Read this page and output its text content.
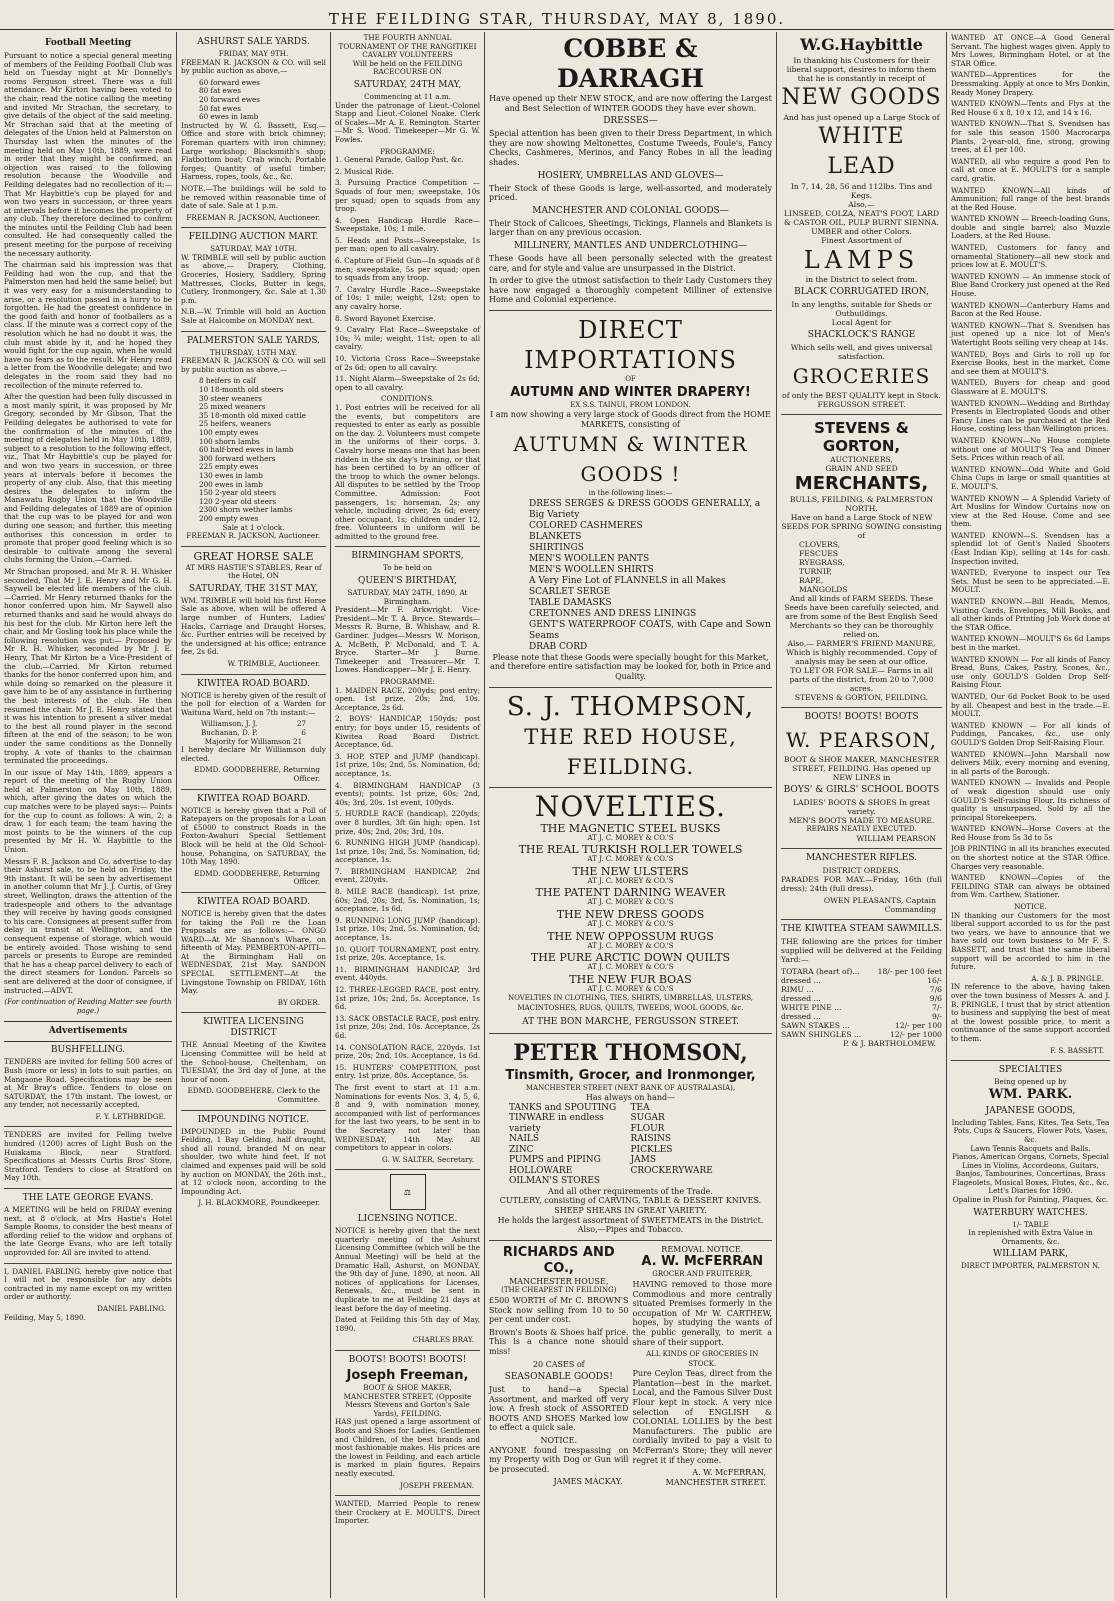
THE FEILDING STAR, THURSDAY, MAY 8, 1890.
Football Meeting
Pursuant to notice a special general meeting of members of the Feilding Football Club was held on Tuesday night at Mr Donnelly's rooms Ferguson street. There was a full attendance. Mr Kirton having been voted to the chair, read the notice calling the meeting and invited Mr Strachan, the secretary, to give details of the object of the said meeting. Mr Strachan said that at the meeting of delegates of the Union held at Palmerston on Thursday last when the minutes of the meeting held on May 10th, 1889, were read in order that they might be confirmed, an objection was raised to the following resolution because the Woodville and Feilding delegates had no recollection of it:— That Mr Haybittle's cup be played for and won two years in succession, or three years at intervals before it becomes the property of any club. They therefore declined to confirm the minutes until the Feilding Club had been consulted. He had consequently called the present meeting for the purpose of receiving the necessary authority.
The chairman said his impression was that Feilding had won the cup, and that the Palmerston men had held the same belief; but it was very easy for a misunderstanding to arise, or a resolution passed in a hurry to be forgotten. He had the greatest confidence in the good faith and honor of footballers as a class. If the minute was a correct copy of the resolution which he had no doubt it was, the club must abide by it, and he hoped they would fight for the cup again, when he would have no fears as to the result. Mr Henry read a letter from the Woodville delegate; and two delegates in the room said they had no recollection of the minute referred to.
After the question had been fully discussed in a most manly spirit, it was proposed by Mr Gregory, seconded by Mr Gibson, That the Feilding delegates be authorised to vote for the confirmation of the minutes of the meeting of delegates held in May 10th, 1889, subject to a resolution to the following effect, viz., That Mr Haybittle's cup be played for and won two years in succession, or three years at intervals before it becomes the property of any club. Also, that this meeting desires the delegates to inform the Manawatu Rugby Union that the Woodville and Feilding delegates of 1889 are of opinion that the cup was to be played for and won during one season; and further, this meeting authorises this concession in order to promote that proper good feeling which is so desirable to cultivate among the several clubs forming the Union.—Carried.
Mr Strachan proposed, and Mr R. H. Whisker seconded, That Mr J. E. Henry and Mr G. H. Saywell be elected life members of the club.—Carried. Mr Henry returned thanks for the honor conferred upon him. Mr Saywell also returned thanks and said he would always do his best for the club. Mr Kirton here left the chair, and Mr Gosling took his place while the following resolution was put:— Proposed by Mr R. H. Whisker, seconded by Mr J. E. Henry, That Mr Kirton be a Vice-President of the club.—Carried. Mr Kirton returned thanks for the honor conferred upon him, and while doing so remarked on the pleasure it gave him to be of any assistance in furthering the best interests of the club. He then resumed the chair. Mr J. E. Henry stated that it was his intention to present a silver medal to the best all round player in the second fifteen at the end of the season; to be won under the same conditions as the Donnelly trophy. A vote of thanks to the chairman terminated the proceedings.
In our issue of May 14th, 1889, appears a report of the meeting of the Rugby Union held at Palmerston on May 10th, 1889, which, after giving the dates on which the cup matches were to be played says:— Points for the cup to count as follows: A win, 2; a draw, 1 for each team; the team having the most points to be the winners of the cup presented by Mr H. W. Haybittle to the Union.
Messrs F. R. Jackson and Co. advertise to-day their Ashurst sale, to be held on Friday, the 9th instant. It will be seen by advertisement in another column that Mr J. J. Curtis, of Grey street, Wellington, draws the attention of the tradespeople and others to the advantage they will receive by having goods consigned to his care. Consignees at present suffer from delay in transit at Wellington, and the consequent expense of storage, which would be entirely avoided. Those wishing to send parcels or presents to Europe are reminded that he has a cheap parcel delivery to each of the direct steamers for London. Parcels so sent are delivered at the door of consignee, if instructed.—ADVT.
(For continuation of Reading Matter see fourth page.)
Advertisements
BUSHFELLING.
TENDERS are invited for felling 500 acres of Bush (more or less) in lots to suit parties, on Mangaone Road. Specifications may be seen at Mr Bray's office. Tenders to close on SATURDAY, the 17th instant. The lowest, or any tender, not necessarily accepted.
F. Y. LETHBRIDGE.
TENDERS are invited for Felling twelve hundred (1200) acres of Light Bush on the Huiakama Block, near Stratford. Specifications at Messrs Curtis Bros' Store, Stratford. Tenders to close at Stratford on May 10th.
THE LATE GEORGE EVANS.
A MEETING will be held on FRIDAY evening next, at 8 o'clock, at Mrs Hastie's Hotel Sample Rooms, to consider the best means of affording relief to the widow and orphans of the late George Evans, who are left totally unprovided for. All are invited to attend.
I, DANIEL FABLING, hereby give notice that I will not be responsible for any debts contracted in my name except on my written order or authority.
DANIEL FABLING.
Feilding, May 5, 1890.
ASHURST SALE YARDS.
FRIDAY, MAY 9TH.
FREEMAN R. JACKSON & CO. will sell by public auction as above,—
60 forward ewes
80 fat ewes
20 forward ewes
50 fat ewes
60 ewes in lamb
Instructed by W. G. Bassett, Esq.— Office and store with brick chimney; Foreman quarters with iron chimney; Large workshop; Blacksmith's shop; Flatbottom boat; Crab winch; Portable forges; Quantity of useful timber; Harness, ropes, tools, &c., &c.
NOTE.—The buildings will be sold to be removed within reasonable time of date of sale. Sale at 1 p.m.
FREEMAN R. JACKSON, Auctioneer.
FEILDING AUCTION MART.
SATURDAY, MAY 10TH.
W. TRIMBLE will sell by public auction as above,— Drapery, Clothing, Groceries, Hosiery, Saddlery, Spring Mattresses, Clocks, Butter in kegs, Cutlery, Ironmongery, &c. Sale at 1.30 p.m.
N.B.—W. Trimble will hold an Auction Sale at Halcombe on MONDAY next.
PALMERSTON SALE YARDS.
THURSDAY, 15TH MAY.
FREEMAN R. JACKSON & CO. will sell by public auction as above,—
8 heifers in calf
10 18-month old steers
30 steer weaners
25 mixed weaners
35 18-month old mixed cattle
25 heifers, weaners
100 empty ewes
100 shorn lambs
60 half-bred ewes in lamb
300 forward wethers
225 empty ewes
130 ewes in lamb
200 ewes in lamb
150 2-year old steers
120 2-year old steers
2300 shorn wether lambs
200 empty ewes
Sale at 1 o'clock.
FREEMAN R. JACKSON, Auctioneer.
GREAT HORSE SALE
AT MRS HASTIE'S STABLES, Rear of the Hotel, ON
SATURDAY, THE 31ST MAY,
WM. TRIMBLE will hold his first Horse Sale as above, when will be offered A large number of Hunters, Ladies' Hacks, Carriage and Draught Horses, &c. Further entries will be received by the undersigned at his office; entrance fee, 2s 6d.
W. TRIMBLE, Auctioneer.
KIWITEA ROAD BOARD.
NOTICE is hereby given of the result of the poll for election of a Warden for Waituna Ward, held on 7th instant:—
Williamson, J. J.	27
Buchanan, D. P.	6
Majority for Williamson 21
I hereby declare Mr Williamson duly elected.
EDMD. GOODBEHERE, Returning Officer.
KIWITEA ROAD BOARD.
NOTICE is hereby given that a Poll of Ratepayers on the proposals for a Loan of £5000 to construct Roads in the Foxton-Awahuri Special Settlement Block will be held at the Old School-house, Pohangina, on SATURDAY, the 10th May, 1890.
EDMD. GOODBEHERE, Returning Officer.
KIWITEA ROAD BOARD.
NOTICE is hereby given that the dates for taking the Poll re the Loan Proposals are as follows:— ONGO WARD—At Mr Shannon's Whare, on fifteenth of May. PEMBERTON-APITI—At the Birmingham Hall on WEDNESDAY, 21st May. SANDON SPECIAL SETTLEMENT—At the Livingstone Township on FRIDAY, 16th May.
BY ORDER.
KIWITEA LICENSING DISTRICT
THE Annual Meeting of the Kiwitea Licensing Committee will be held at the School-house, Cheltenham, on TUESDAY, the 3rd day of June, at the hour of noon.
EDMD. GOODBEHERE, Clerk to the Committee.
IMPOUNDING NOTICE.
IMPOUNDED in the Public Pound Feilding, 1 Bay Gelding, half draught, shod all round, branded M on near shoulder, two white hind feet. If not claimed and expenses paid will be sold by auction on MONDAY, the 26th inst., at 12 o'clock noon, according to the Impounding Act.
J. H. BLACKMORE, Poundkeeper.
THE FOURTH ANNUAL TOURNAMENT OF THE RANGITIKEI CAVALRY VOLUNTEERS
Will be held on the FEILDING RACECOURSE ON
SATURDAY, 24TH MAY,
Commencing at 11 a.m.
Under the patronage of Lieut.-Colonel Stapp and Lieut.-Colonel Noake. Clerk of Scales—Mr A. E. Remington. Starter—Mr S. Wood. Timekeeper—Mr G. W. Fowles.
PROGRAMME:
1. General Parade, Gallop Past, &c.
2. Musical Ride.
3. Pursuing Practice Competition — Squads of four men; sweepstake, 10s per squad; open to squads from any troop.
4. Open Handicap Hurdle Race—Sweepstake, 10s; 1 mile.
5. Heads and Posts—Sweepstake, 1s per man; open to all cavalry.
6. Capture of Field Gun—In squads of 8 men; sweepstake, 5s per squad; open to squads from any troop.
7. Cavalry Hurdle Race—Sweepstake of 10s; 1 mile; weight, 12st; open to any cavalry horse.
8. Sword Bayonet Exercise.
9. Cavalry Flat Race—Sweepstake of 10s; ¾ mile; weight, 11st; open to all cavalry.
10. Victoria Cross Race—Sweepstake of 2s 6d; open to all cavalry.
11. Night Alarm—Sweepstake of 2s 6d; open to all cavalry.
CONDITIONS.
1. Post entries will be received for all the events, but competitors are requested to enter as early as possible on the day. 2. Volunteers must compete in the uniforms of their corps. 3. Cavalry horse means one that has been ridden in the six day's training, or that has been certified to by an officer of the troop to which the owner belongs. All disputes to be settled by the Troop Committee. Admission: Foot passengers, 1s; horseman, 2s; any vehicle, including driver, 2s 6d; every other occupant, 1s; children under 12, free. Volunteers in uniform will be admitted to the ground free.
BIRMINGHAM SPORTS,
To be held on
QUEEN'S BIRTHDAY,
SATURDAY, MAY 24TH, 1890, At Birmingham.
President—Mr F. Arkwright. Vice-President—Mr T. A. Bryce. Stewards—Messrs R. Burne, B. Whishaw, and R. Gardiner. Judges—Messrs W. Morison, A. McBeth, P. McDonald, and T. A. Bryce. Starter—Mr J. Burne. Timekeeper and Treasurer—Mr T. Lowes. Handicapper—Mr J. E. Henry.
PROGRAMME:
1. MAIDEN RACE, 200yds; post entry; open. 1st prize, 20s; 2nd, 10s. Acceptance, 2s 6d.
2. BOYS' HANDICAP, 150yds; post entry; for boys under 15, residents of Kiwitea Road Board District. Acceptance, 6d.
3. HOP, STEP and JUMP (handicap). 1st prize, 10s; 2nd, 5s. Nomination, 6d; acceptance, 1s.
4. BIRMINGHAM HANDICAP (3 events); points. 1st prize, 60s; 2nd, 40s; 3rd, 20s. 1st event, 100yds.
5. HURDLE RACE (handicap), 220yds; over 8 hurdles, 3ft 6in high; open. 1st prize, 40s; 2nd, 20s; 3rd, 10s.
6. RUNNING HIGH JUMP (handicap). 1st prize, 10s; 2nd, 5s. Nomination, 6d; acceptance, 1s.
7. BIRMINGHAM HANDICAP, 2nd event, 220yds.
8. MILE RACE (handicap). 1st prize, 60s; 2nd, 20s; 3rd, 5s. Nomination, 1s; acceptance, 1s 6d.
9. RUNNING LONG JUMP (handicap). 1st prize, 10s; 2nd, 5s. Nomination, 6d; acceptance, 1s.
10. QUOIT TOURNAMENT, post entry. 1st prize, 20s. Acceptance, 1s.
11. BIRMINGHAM HANDICAP, 3rd event, 440yds.
12. THREE-LEGGED RACE, post entry. 1st prize, 10s; 2nd, 5s. Acceptance, 1s 6d.
13. SACK OBSTACLE RACE, post entry. 1st prize, 20s; 2nd, 10s. Acceptance, 2s 6d.
14. CONSOLATION RACE, 220yds. 1st prize, 20s; 2nd, 10s. Acceptance, 1s 6d.
15. HUNTERS' COMPETITION, post entry. 1st prize, 80s. Acceptance, 5s.
The first event to start at 11 a.m. Nominations for events Nos. 3, 4, 5, 6, 8 and 9, with nomination money, accompanied with list of performances for the last two years, to be sent in to the Secretary not later than WEDNESDAY, 14th May. All competitors to appear in colors.
G. W. SALTER, Secretary.
⚖
LICENSING NOTICE.
NOTICE is hereby given that the next quarterly meeting of the Ashurst Licensing Committee (which will be the Annual Meeting) will be held at the Dramatic Hall, Ashurst, on MONDAY, the 9th day of June, 1890, at noon. All notices of applications for Licenses, Renewals, &c., must be sent in duplicate to me at Feilding 21 days at least before the day of meeting.
Dated at Feilding this 5th day of May, 1890.
CHARLES BRAY.
BOOTS! BOOTS! BOOTS!
Joseph Freeman,
BOOT & SHOE MAKER, MANCHESTER STREET, (Opposite Messrs Stevens and Gorton's Sale Yards), FEILDING.
HAS just opened a large assortment of Boots and Shoes for Ladies, Gentlemen and Children, of the best brands and most fashionable makes. His prices are the lowest in Feilding, and each article is marked in plain figures. Repairs neatly executed.
JOSEPH FREEMAN.
WANTED, Married People to renew their Crockery at E. MOULT'S, Direct Importer.
COBBE & DARRAGH
Have opened up their NEW STOCK, and are now offering the Largest and Best Selection of WINTER GOODS they have ever shown.
DRESSES—
Special attention has been given to their Dress Department, in which they are now showing Meltonettes, Costume Tweeds, Foule's, Fancy Checks, Cashmeres, Merinos, and Fancy Robes in all the leading shades.
HOSIERY, UMBRELLAS AND GLOVES—
Their Stock of these Goods is large, well-assorted, and moderately priced.
MANCHESTER AND COLONIAL GOODS—
Their Stock of Calicoes, Sheetings, Tickings, Flannels and Blankets is larger than on any previous occasion.
MILLINERY, MANTLES AND UNDERCLOTHING—
These Goods have all been personally selected with the greatest care, and for style and value are unsurpassed in the District.
In order to give the utmost satisfaction to their Lady Customers they have now engaged a thoroughly competent Milliner of extensive Home and Colonial experience.
DIRECT IMPORTATIONS
OF
AUTUMN AND WINTER DRAPERY!
EX S.S. TAINUI, FROM LONDON.
I am now showing a very large stock of Goods direct from the HOME MARKETS, consisting of
AUTUMN & WINTER GOODS !
in the following lines:—
DRESS SERGES & DRESS GOODS GENERALLY, a Big Variety
COLORED CASHMERES
BLANKETS
SHIRTINGS
MEN'S WOOLLEN PANTS
MEN'S WOOLLEN SHIRTS
A Very Fine Lot of FLANNELS in all Makes
SCARLET SERGE
TABLE DAMASKS
CRETONNES AND DRESS LININGS
GENT'S WATERPROOF COATS, with Cape and Sown Seams
DRAB CORD
Please note that these Goods were specially bought for this Market, and therefore entire satisfaction may be looked for, both in Price and Quality.
S. J. THOMPSON,
THE RED HOUSE, FEILDING.
NOVELTIES.
THE MAGNETIC STEEL BUSKS
AT J. C. MOREY & CO.'S
THE REAL TURKISH ROLLER TOWELS
AT J. C. MOREY & CO.'S
THE NEW ULSTERS
AT J. C. MOREY & CO.'S
THE PATENT DARNING WEAVER
AT J. C. MOREY & CO.'S
THE NEW DRESS GOODS
AT J. C. MOREY & CO.'S
THE NEW OPPOSSUM RUGS
AT J. C. MOREY & CO.'S
THE PURE ARCTIC DOWN QUILTS
AT J. C. MOREY & CO.'S
THE NEW FUR BOAS
AT J. C. MOREY & CO.'S
NOVELTIES IN CLOTHING, TIES, SHIRTS, UMBRELLAS, ULSTERS, MACINTOSHES, RUGS, QUILTS, TWEEDS, WOOL GOODS, &c.
AT THE BON MARCHE, FERGUSSON STREET.
PETER THOMSON,
Tinsmith, Grocer, and Ironmonger,
MANCHESTER STREET (NEXT BANK OF AUSTRALASIA),
Has always on hand—
TANKS and SPOUTING
TINWARE in endless variety
NAILS
ZINC
PUMPS and PIPING
HOLLOWARE
OILMAN'S STORES
TEA
SUGAR
FLOUR
RAISINS
PICKLES
JAMS
CROCKERYWARE
And all other requirements of the Trade.
CUTLERY, consisting of CARVING, TABLE & DESSERT KNIVES.
SHEEP SHEARS IN GREAT VARIETY.
He holds the largest assortment of SWEETMEATS in the District.
Also,—Pipes and Tobacco.
RICHARDS AND CO.,
MANCHESTER HOUSE,
(THE CHEAPEST IN FEILDING)
£500 WORTH of Mr C. BROWN'S Stock now selling from 10 to 50 per cent under cost.
Brown's Boots & Shoes half price. This is a chance none should miss!
20 CASES of
SEASONABLE GOODS!
Just to hand—a Special Assortment, and marked off very low. A fresh stock of ASSORTED BOOTS AND SHOES Marked low to effect a quick sale.
NOTICE.
ANYONE found trespassing on my Property with Dog or Gun will be prosecuted.
JAMES MACKAY.
REMOVAL NOTICE.
A. W. McFERRAN
GROCER AND FRUITERER,
HAVING removed to those more Commodious and more centrally situated Premises formerly in the occupation of Mr W. CARTHEW, hopes, by studying the wants of the public generally, to merit a share of their support.
ALL KINDS OF GROCERIES IN STOCK.
Pure Ceylon Teas, direct from the Plantation—best in the market. Local, and the Famous Silver Dust Flour kept in stock. A very nice selection of ENGLISH & COLONIAL LOLLIES by the best Manufacturers. The public are cordially invited to pay a visit to McFerran's Store; they will never regret it if they come.
A. W. McFERRAN, MANCHESTER STREET.
W.G.Haybittle
In thanking his Customers for their liberal support, desires to inform them that he is constantly in receipt of
NEW GOODS
And has just opened up a Large Stock of
WHITE LEAD
In 7, 14, 28, 56 and 112lbs. Tins and Kegs.
Also,—
LINSEED, COLZA, NEAT'S FOOT, LARD & CASTOR OIL, PULP BURNT SIENNA. UMBER and other Colors.
Finest Assortment of
LAMPS
in the District to select from.
BLACK CORRUGATED IRON,
In any lengths, suitable for Sheds or Outbuildings.
Local Agent for
SHACKLOCK'S RANGE
Which sells well, and gives universal satisfaction.
GROCERIES
of only the BEST QUALITY kept in Stock.
FERGUSSON STREET.
STEVENS & GORTON,
AUCTIONEERS,
GRAIN AND SEED
MERCHANTS,
BULLS, FEILDING, & PALMERSTON NORTH.
Have on hand a Large Stock of NEW SEEDS FOR SPRING SOWING consisting of
CLOVERS,
FESCUES
RYEGRASS,
TURNIP,
RAPE,
MANGOLDS
And all kinds of FARM SEEDS. These Seeds have been carefully selected, and are from some of the Best English Seed Merchants so they can be thoroughly relied on.
Also,— FARMER'S FRIEND MANURE, Which is highly recommended. Copy of analysis may be seen at our office.
TO LET OR FOR SALE— Farms in all parts of the district, from 20 to 7,000 acres.
STEVENS & GORTON, FEILDING.
BOOTS! BOOTS! BOOTS
W. PEARSON,
BOOT & SHOE MAKER, MANCHESTER STREET, FEILDING. Has opened up NEW LINES in
BOYS' & GIRLS' SCHOOL BOOTS
LADIES' BOOTS & SHOES In great variety.
MEN'S BOOTS MADE TO MEASURE.
REPAIRS NEATLY EXECUTED.
WILLIAM PEARSON
MANCHESTER RIFLES.
DISTRICT ORDERS.
PARADES FOR MAY.—Friday, 16th (full dress); 24th (full dress).
OWEN PLEASANTS, Captain Commanding
THE KIWITEA STEAM SAWMILLS.
THE following are the prices for timber supplied will be delivered at the Feilding Yard:—
TOTARA (heart of)... 18/- per 100 feet
dressed ...	16/-
RIMU ...	7/6
dressed ...	9/6
WHITE PINE ...	7/-
dressed ...	9/-
SAWN STAKES ...	12/- per 100
SAWN SHINGLES ...	12/- per 1000
P. & J. BARTHOLOMEW.
WANTED AT ONCE—A Good General Servant. The highest wages given. Apply to Mrs Lowes, Birmingham Hotel, or at the STAR Office.
WANTED—Apprentices for the Dressmaking. Apply at once to Mrs Donkin, Ready Money Drapery.
WANTED KNOWN—Tents and Flys at the Red House 6 x 8, 10 x 12, and 14 x 16.
WANTED KNOWN—That S. Svendsen has for sale this season 1500 Macrocarpa Plants, 2-year-old, fine, strong, growing trees, at £1 per 100.
WANTED, all who require a good Pen to call at once at E. MOULT'S for a sample card, gratis.
WANTED KNOWN—All kinds of Ammunition; full range of the best brands at the Red House.
WANTED KNOWN — Breech-loading Guns, double and single barrel; also Muzzle Loaders, at the Red House.
WANTED, Customers for fancy and ornamental Stationery—all new stock and prices low at E. MOULT'S.
WANTED KNOWN — An immense stock of Blue Band Crockery just opened at the Red House.
WANTED KNOWN—Canterbury Hams and Bacon at the Red House.
WANTED KNOWN—That S. Svendsen has just opened up a nice lot of Men's Watertight Boots selling very cheap at 14s.
WANTED, Boys and Girls to roll up for Exercise Books, best in the market. Come and see them at MOULT'S.
WANTED, Buyers for cheap and good Glassware at E. MOULT'S.
WANTED KNOWN—Wedding and Birthday Presents in Electroplated Goods and other Fancy Lines can be purchased at the Red House, costing less than Wellington prices.
WANTED KNOWN—No House complete without one of MOULT'S Tea and Dinner Sets. Prices within reach of all.
WANTED KNOWN—Odd White and Gold China Cups in large or small quantities at E. MOULT'S.
WANTED KNOWN — A Splendid Variety of Art Muslins for Window Curtains now on view at the Red House. Come and see them.
WANTED KNOWN—S. Svendsen has a splendid lot of Gent's Nailed Shooters (East Indian Kip), selling at 14s for cash. Inspection invited.
WANTED, Everyone to inspect our Tea Sets. Must be seen to be appreciated.—E. MOULT.
WANTED KNOWN.—Bill Heads, Memos, Visiting Cards, Envelopes, Mill Books, and all other kinds of Printing Job Work done at the STAR Office.
WANTED KNOWN—MOULT'S 6s 6d Lamps best in the market.
WANTED KNOWN — For all kinds of Fancy Bread, Buns, Cakes, Pastry, Scones, &c., use only GOULD'S Golden Drop Self-Raising Flour.
WANTED, Our 6d Pocket Book to be used by all. Cheapest and best in the trade.—E. MOULT.
WANTED KNOWN — For all kinds of Puddings, Pancakes, &c., use only GOULD'S Golden Drop Self-Raising Flour.
WANTED KNOWN—John Marshall now delivers Milk, every morning and evening, in all parts of the Borough.
WANTED KNOWN — Invalids and People of weak digestion should use only GOULD'S Self-raising Flour. Its richness of quality is unsurpassed. Sold by all the principal Storekeepers.
WANTED KNOWN—Horse Covers at the Red House from 5s 3d to 5s
JOB PRINTING in all its branches executed on the shortest notice at the STAR Office. Charges very reasonable.
WANTED KNOWN—Copies of the FEILDING STAR can always be obtained from Wm. Carthew, Stationer.
NOTICE.
IN thanking our Customers for the most liberal support accorded to us for the past two years, we have to announce that we have sold our town business to Mr F. S. BASSETT, and trust that the same liberal support will be accorded to him in the future.
A. & J. B. PRINGLE.
IN reference to the above, having taken over the town business of Messrs A. and J. B. PRINGLE, I trust that by strict attention to business and supplying the best of meat at the lowest possible price, to merit a continuance of the same support accorded to them.
F. S. BASSETT.
SPECIALTIES
Being opened up by
WM. PARK.
JAPANESE GOODS,
Including Tables, Fans, Kites, Tea Sets, Tea Pots, Cups & Saucers, Flower Pots, Vases, &c.
Lawn Tennis Racquets and Balls.
Pianos, American Organs, Cornets, Special Lines in Violins, Accordeons, Guitars, Banjos, Tambourines, Concertinas, Brass Flageolets, Musical Boxes, Flutes, &c., &c.
Lett's Diaries for 1890.
Opaline in Plush for Painting, Plaques, &c.
WATERBURY WATCHES.
1/- TABLE
In replenished with Extra Value in Ornaments, &c.
WILLIAM PARK,
DIRECT IMPORTER, PALMERSTON N.
